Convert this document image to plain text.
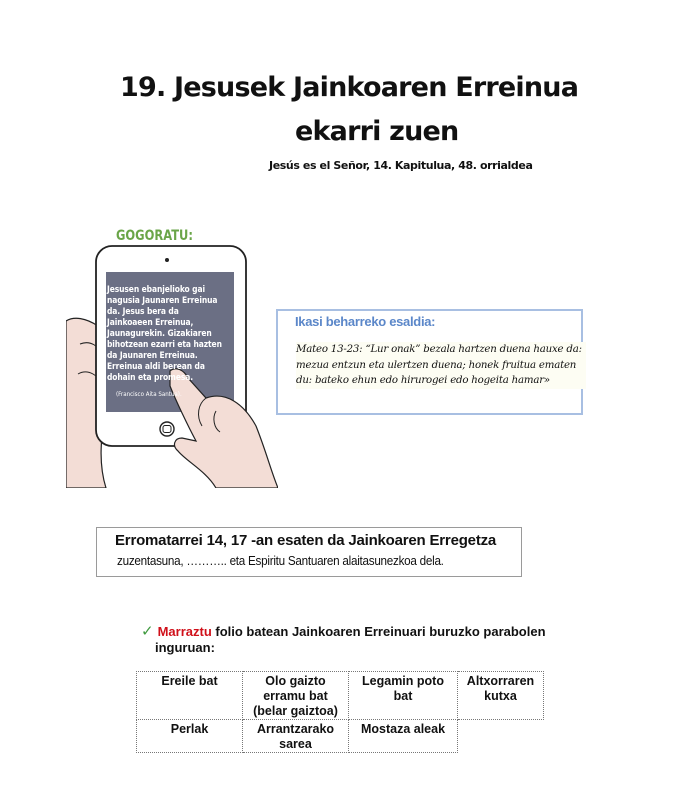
19. Jesusek Jainkoaren Erreinua
ekarri zuen
Jesús es el Señor, 14. Kapitulua, 48. orrialdea
GOGORATU:
Jesusen ebanjelioko gai nagusia Jaunaren Erreinua da. Jesus bera da Jainkoaeen Erreinua, Jaunagurekin. Gizakiaren bihotzean ezarri eta hazten da Jaunaren Erreinua. Erreinua aldi berean da dohain eta promesa.
(Francisco Aita Santua).
Ikasi beharreko esaldia:
Mateo 13-23: “Lur onak” bezala hartzen duena hauxe da: mezua entzun eta ulertzen duena; honek fruitua ematen du: bateko ehun edo hirurogei edo hogeita hamar»
Erromatarrei 14, 17 -an esaten da Jainkoaren Erregetza
zuzentasuna, ……….. eta Espiritu Santuaren alaitasunezkoa dela.
✓ Marraztu folio batean Jainkoaren Erreinuari buruzko parabolen
inguruan:
Ereile bat	Olo gaizto erramu bat (belar gaiztoa)	Legamin poto bat	Altxorraren kutxa
Perlak	Arrantzarako sarea	Mostaza aleak	
